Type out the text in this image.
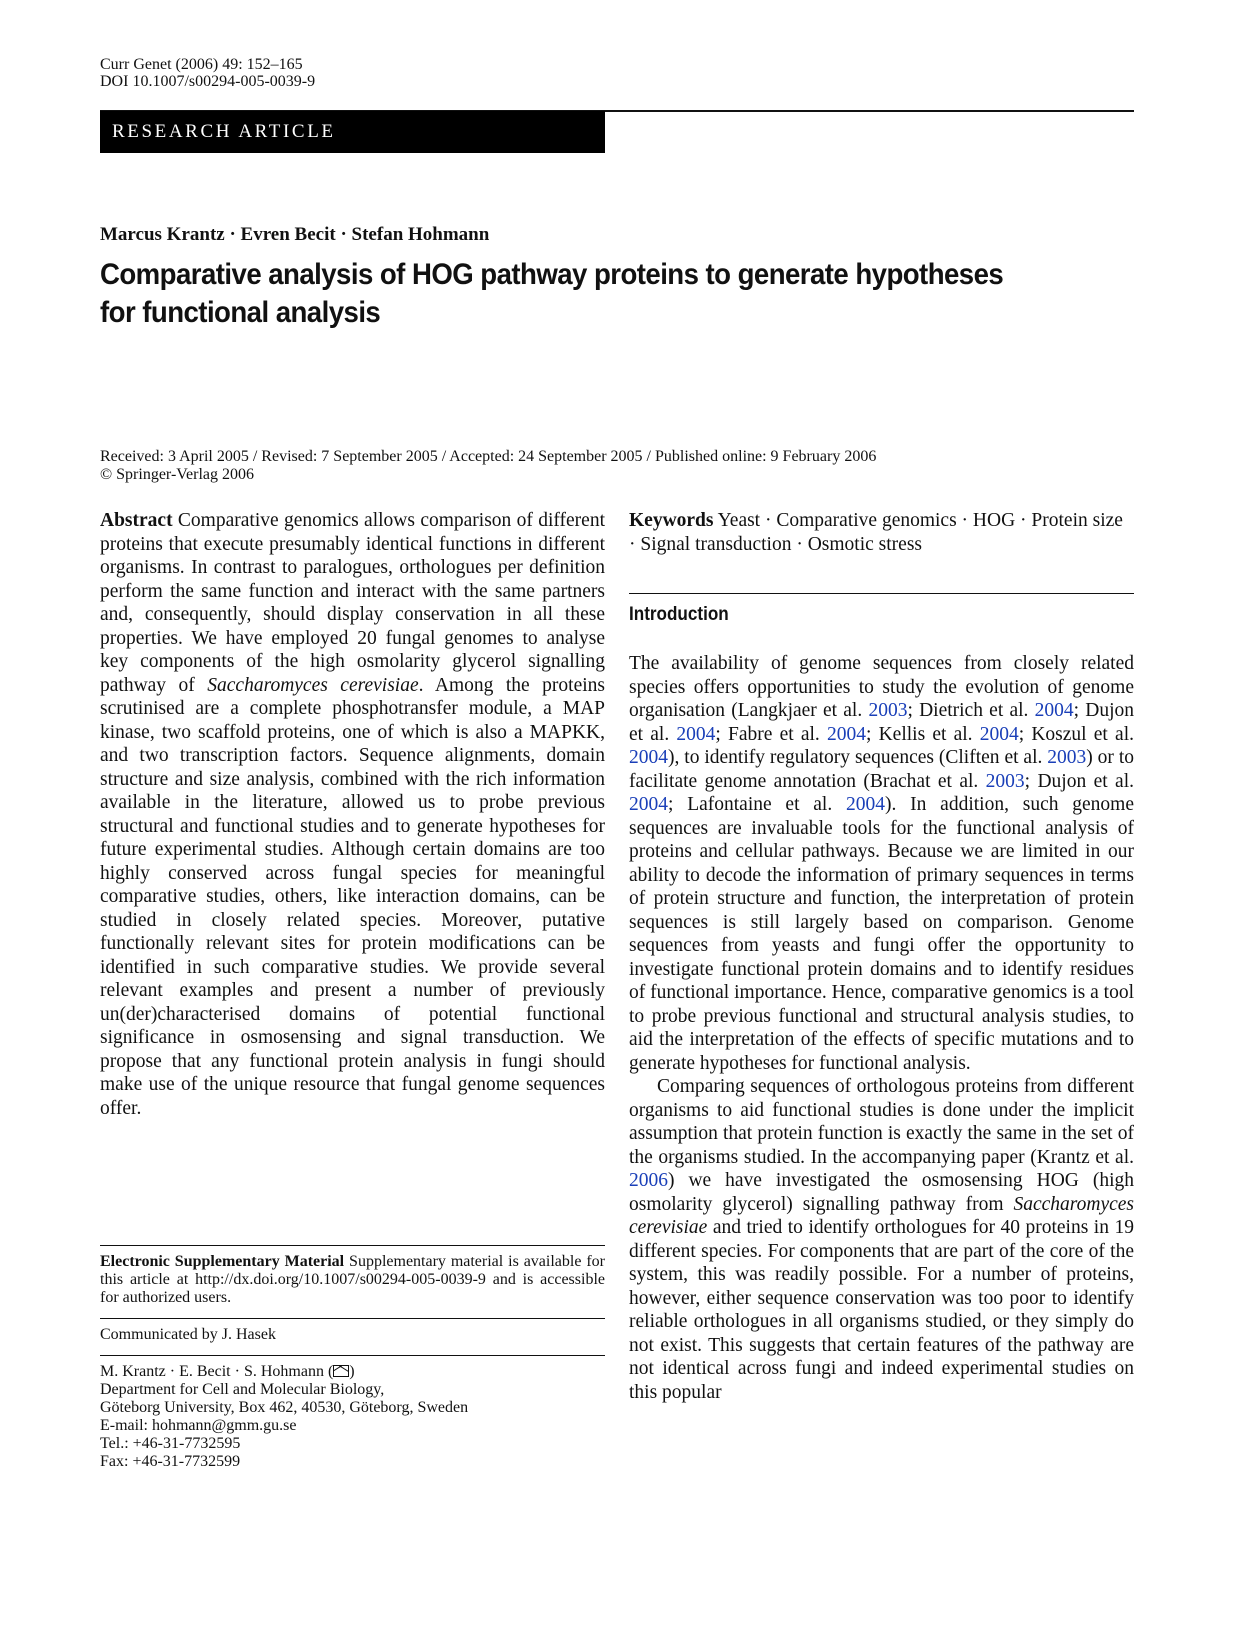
Curr Genet (2006) 49: 152–165
DOI 10.1007/s00294-005-0039-9
RESEARCH ARTICLE
Marcus Krantz · Evren Becit · Stefan Hohmann
Comparative analysis of HOG pathway proteins to generate hypotheses
for functional analysis
Received: 3 April 2005 / Revised: 7 September 2005 / Accepted: 24 September 2005 / Published online: 9 February 2006
© Springer-Verlag 2006
Abstract Comparative genomics allows comparison of different proteins that execute presumably identical functions in different organisms. In contrast to paralogues, orthologues per definition perform the same function and interact with the same partners and, consequently, should display conservation in all these properties. We have employed 20 fungal genomes to analyse key components of the high osmolarity glycerol signalling pathway of Saccharomyces cerevisiae. Among the proteins scrutinised are a complete phosphotransfer module, a MAP kinase, two scaffold proteins, one of which is also a MAPKK, and two transcription factors. Sequence alignments, domain structure and size analysis, combined with the rich information available in the literature, allowed us to probe previous structural and functional studies and to generate hypotheses for future experimental studies. Although certain domains are too highly conserved across fungal species for meaningful comparative studies, others, like interaction domains, can be studied in closely related species. Moreover, putative functionally relevant sites for protein modifications can be identified in such comparative studies. We provide several relevant examples and present a number of previously un(der)characterised domains of potential functional significance in osmosensing and signal transduction. We propose that any functional protein analysis in fungi should make use of the unique resource that fungal genome sequences offer.
Keywords Yeast · Comparative genomics · HOG · Protein size · Signal transduction · Osmotic stress
Introduction

The availability of genome sequences from closely related species offers opportunities to study the evolution of genome organisation (Langkjaer et al. 2003; Dietrich et al. 2004; Dujon et al. 2004; Fabre et al. 2004; Kellis et al. 2004; Koszul et al. 2004), to identify regulatory sequences (Cliften et al. 2003) or to facilitate genome annotation (Brachat et al. 2003; Dujon et al. 2004; Lafontaine et al. 2004). In addition, such genome sequences are invaluable tools for the functional analysis of proteins and cellular pathways. Because we are limited in our ability to decode the information of primary sequences in terms of protein structure and function, the interpretation of protein sequences is still largely based on comparison. Genome sequences from yeasts and fungi offer the opportunity to investigate functional protein domains and to identify residues of functional importance. Hence, comparative genomics is a tool to probe previous functional and structural analysis studies, to aid the interpretation of the effects of specific mutations and to generate hypotheses for functional analysis.

Comparing sequences of orthologous proteins from different organisms to aid functional studies is done under the implicit assumption that protein function is exactly the same in the set of the organisms studied. In the accompanying paper (Krantz et al. 2006) we have investigated the osmosensing HOG (high osmolarity glycerol) signalling pathway from Saccharomyces cerevisiae and tried to identify orthologues for 40 proteins in 19 different species. For components that are part of the core of the system, this was readily possible. For a number of proteins, however, either sequence conservation was too poor to identify reliable orthologues in all organisms studied, or they simply do not exist. This suggests that certain features of the pathway are not identical across fungi and indeed experimental studies on this popular

Electronic Supplementary Material Supplementary material is available for this article at http://dx.doi.org/10.1007/s00294-005-0039-9 and is accessible for authorized users.
Communicated by J. Hasek
M. Krantz · E. Becit · S. Hohmann ( )
Department for Cell and Molecular Biology,
Göteborg University, Box 462, 40530, Göteborg, Sweden
E-mail: hohmann@gmm.gu.se
Tel.: +46-31-7732595
Fax: +46-31-7732599
